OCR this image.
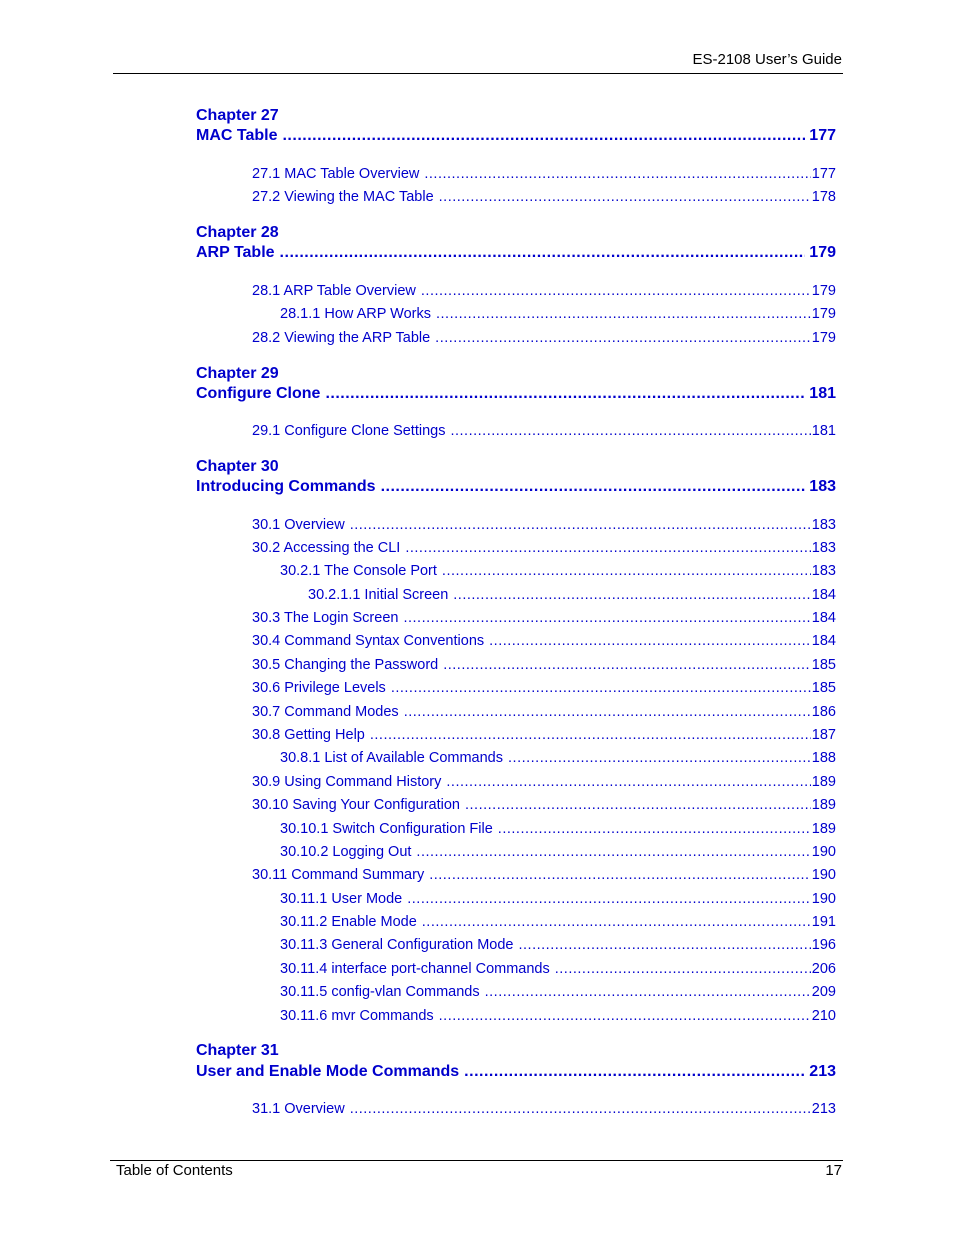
ES-2108 User’s Guide
Chapter 27
MAC Table .....	177
27.1 MAC Table Overview .....	177
27.2 Viewing the MAC Table .....	178
Chapter 28
ARP Table .....	179
28.1 ARP Table Overview .....	179
28.1.1 How ARP Works .....	179
28.2 Viewing the ARP Table .....	179
Chapter 29
Configure Clone .....	181
29.1 Configure Clone Settings .....	181
Chapter 30
Introducing Commands .....	183
30.1 Overview .....	183
30.2 Accessing the CLI .....	183
30.2.1 The Console Port .....	183
30.2.1.1 Initial Screen .....	184
30.3 The Login Screen .....	184
30.4 Command Syntax Conventions .....	184
30.5 Changing the Password .....	185
30.6 Privilege Levels .....	185
30.7 Command Modes .....	186
30.8 Getting Help .....	187
30.8.1 List of Available Commands .....	188
30.9 Using Command History .....	189
30.10 Saving Your Configuration .....	189
30.10.1 Switch Configuration File .....	189
30.10.2 Logging Out .....	190
30.11 Command Summary .....	190
30.11.1 User Mode .....	190
30.11.2 Enable Mode .....	191
30.11.3 General Configuration Mode .....	196
30.11.4 interface port-channel Commands .....	206
30.11.5 config-vlan Commands .....	209
30.11.6 mvr Commands .....	210
Chapter 31
User and Enable Mode Commands .....	213
31.1 Overview .....	213
Table of Contents	17
